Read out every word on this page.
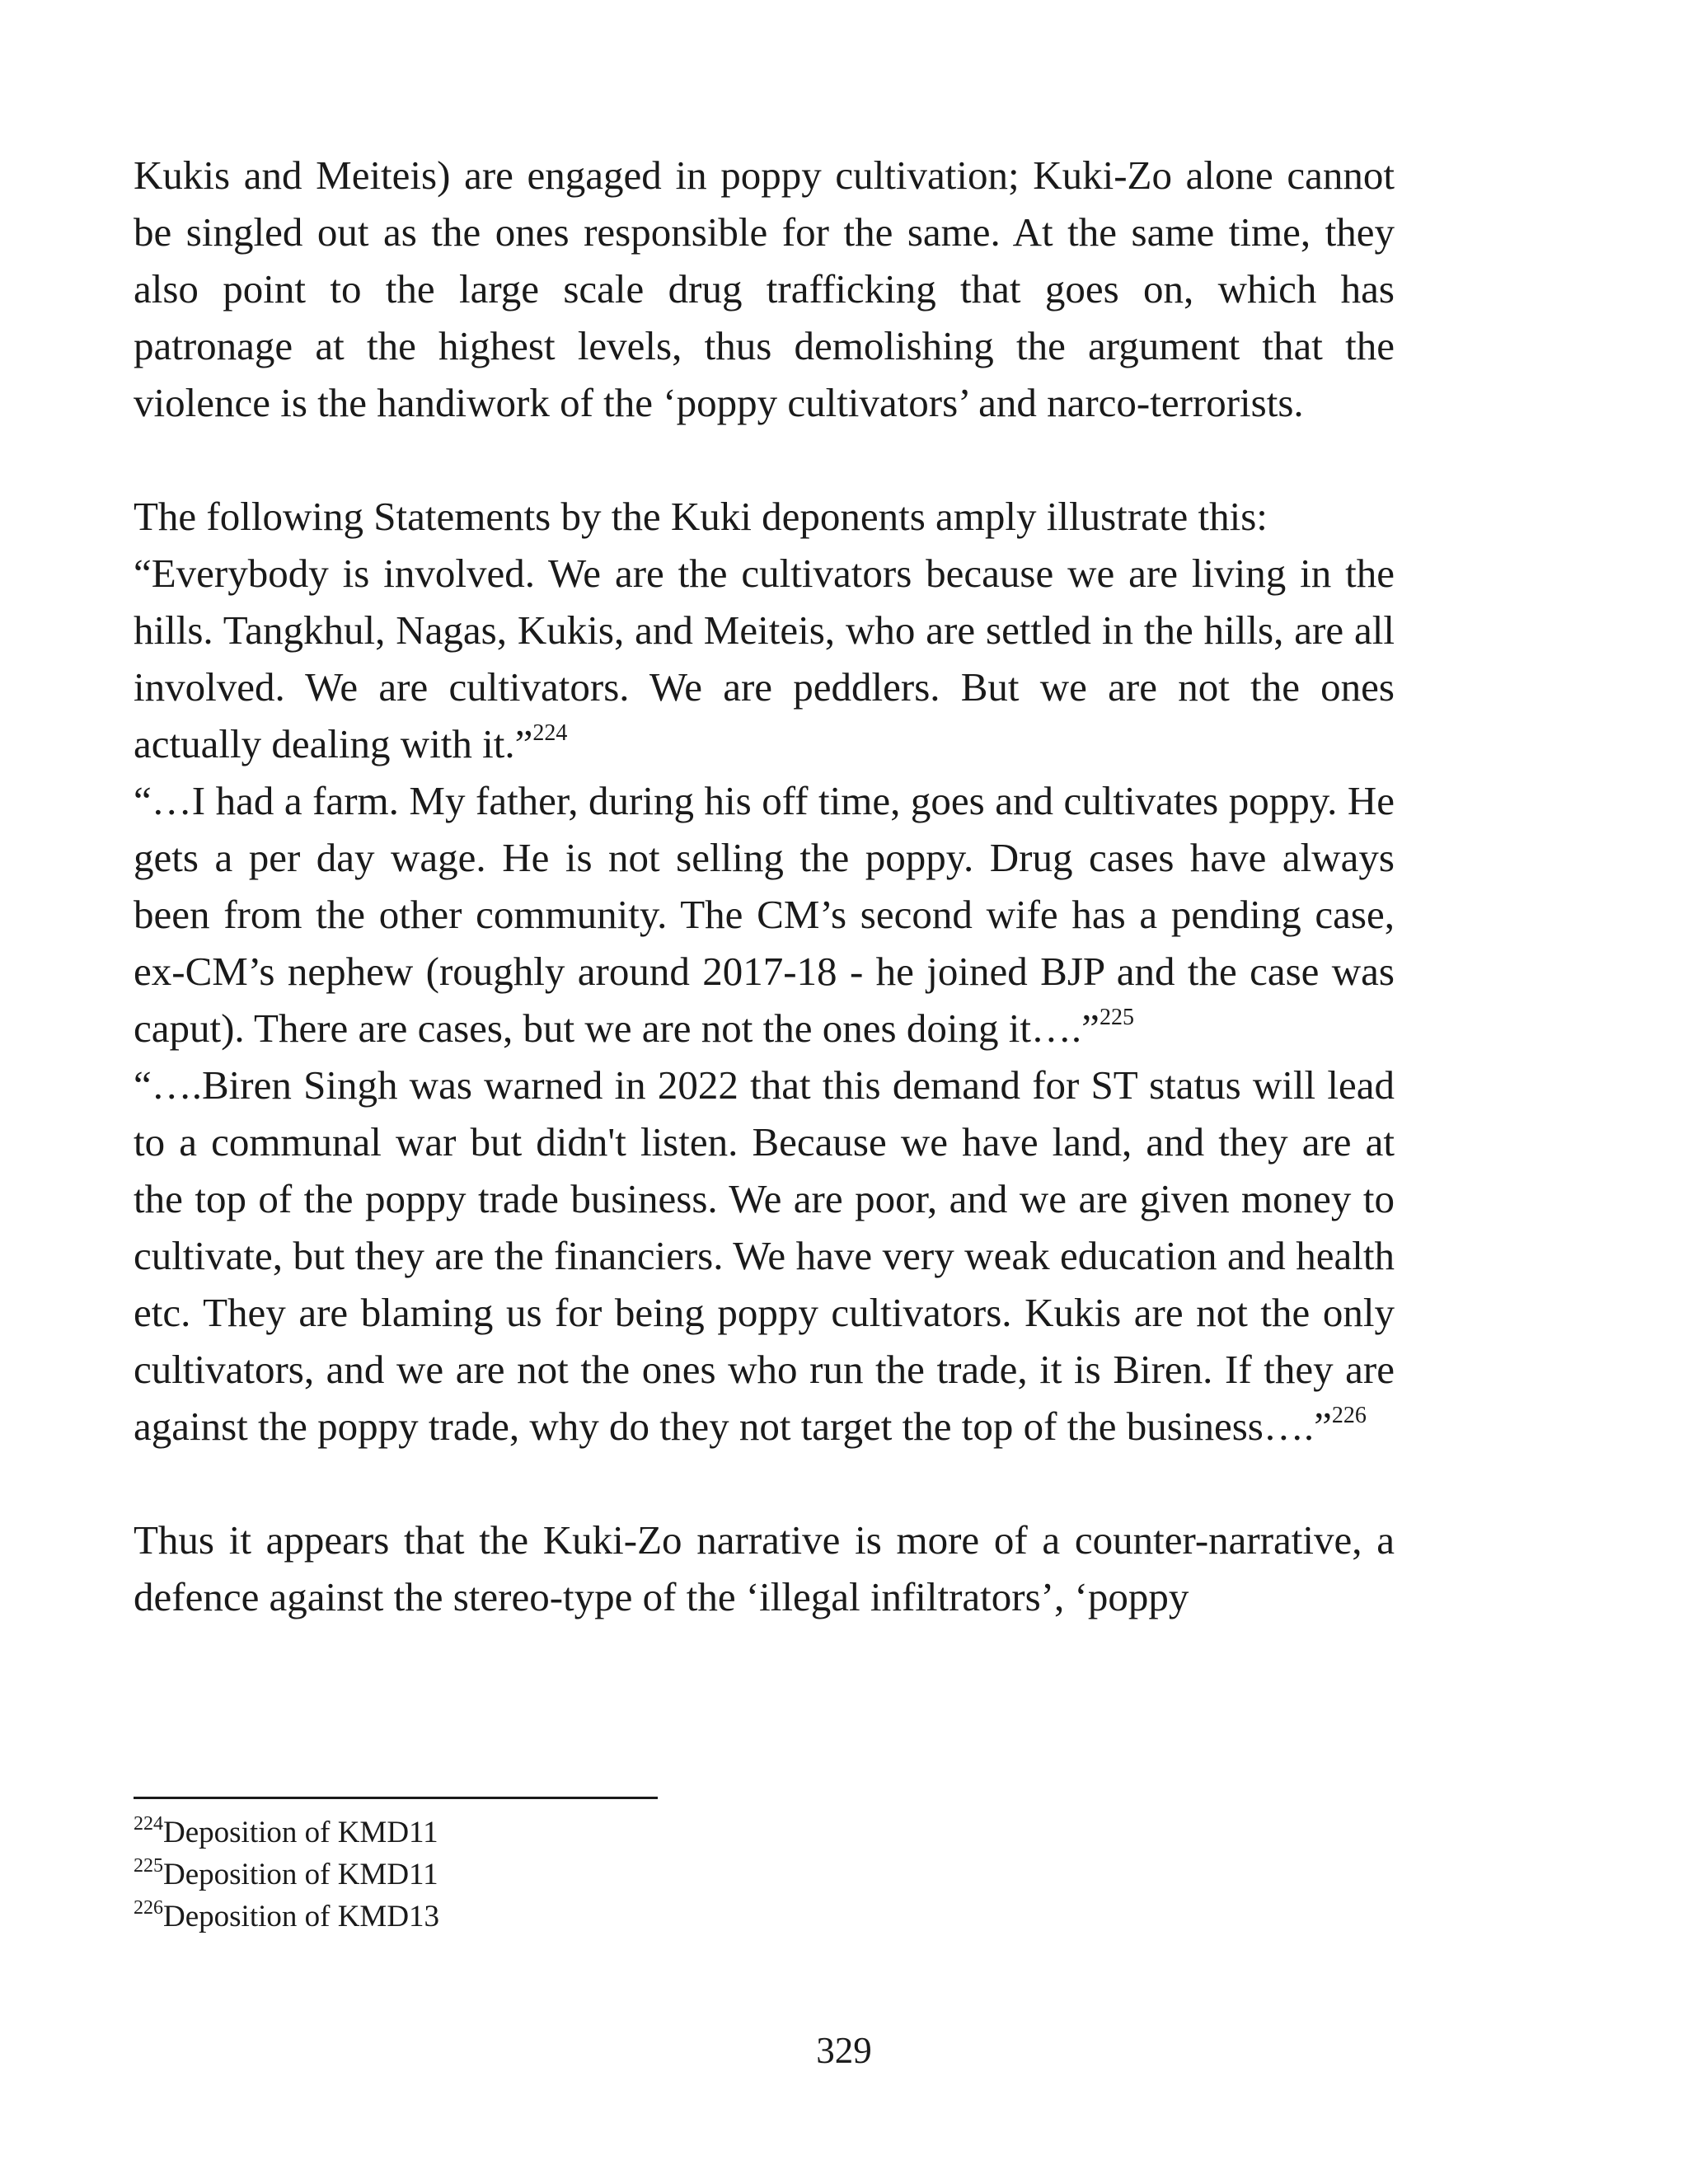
Kukis and Meiteis) are engaged in poppy cultivation; Kuki-Zo alone cannot be singled out as the ones responsible for the same. At the same time, they also point to the large scale drug trafficking that goes on, which has patronage at the highest levels, thus demolishing the argument that the violence is the handiwork of the ‘poppy cultivators’ and narco-terrorists.

The following Statements by the Kuki deponents amply illustrate this:

“Everybody is involved. We are the cultivators because we are living in the hills. Tangkhul, Nagas, Kukis, and Meiteis, who are settled in the hills, are all involved. We are cultivators. We are peddlers. But we are not the ones actually dealing with it.”$^{224}$

“…I had a farm. My father, during his off time, goes and cultivates poppy. He gets a per day wage. He is not selling the poppy. Drug cases have always been from the other community. The CM’s second wife has a pending case, ex-CM’s nephew (roughly around 2017-18 - he joined BJP and the case was caput). There are cases, but we are not the ones doing it….”$^{225}$

“….Biren Singh was warned in 2022 that this demand for ST status will lead to a communal war but didn't listen. Because we have land, and they are at the top of the poppy trade business. We are poor, and we are given money to cultivate, but they are the financiers. We have very weak education and health etc. They are blaming us for being poppy cultivators. Kukis are not the only cultivators, and we are not the ones who run the trade, it is Biren. If they are against the poppy trade, why do they not target the top of the business….”$^{226}$

Thus it appears that the Kuki-Zo narrative is more of a counter-narrative, a defence against the stereo-type of the ‘illegal infiltrators’, ‘poppy

$^{224}$Deposition of KMD11
$^{225}$Deposition of KMD11
$^{226}$Deposition of KMD13
329
